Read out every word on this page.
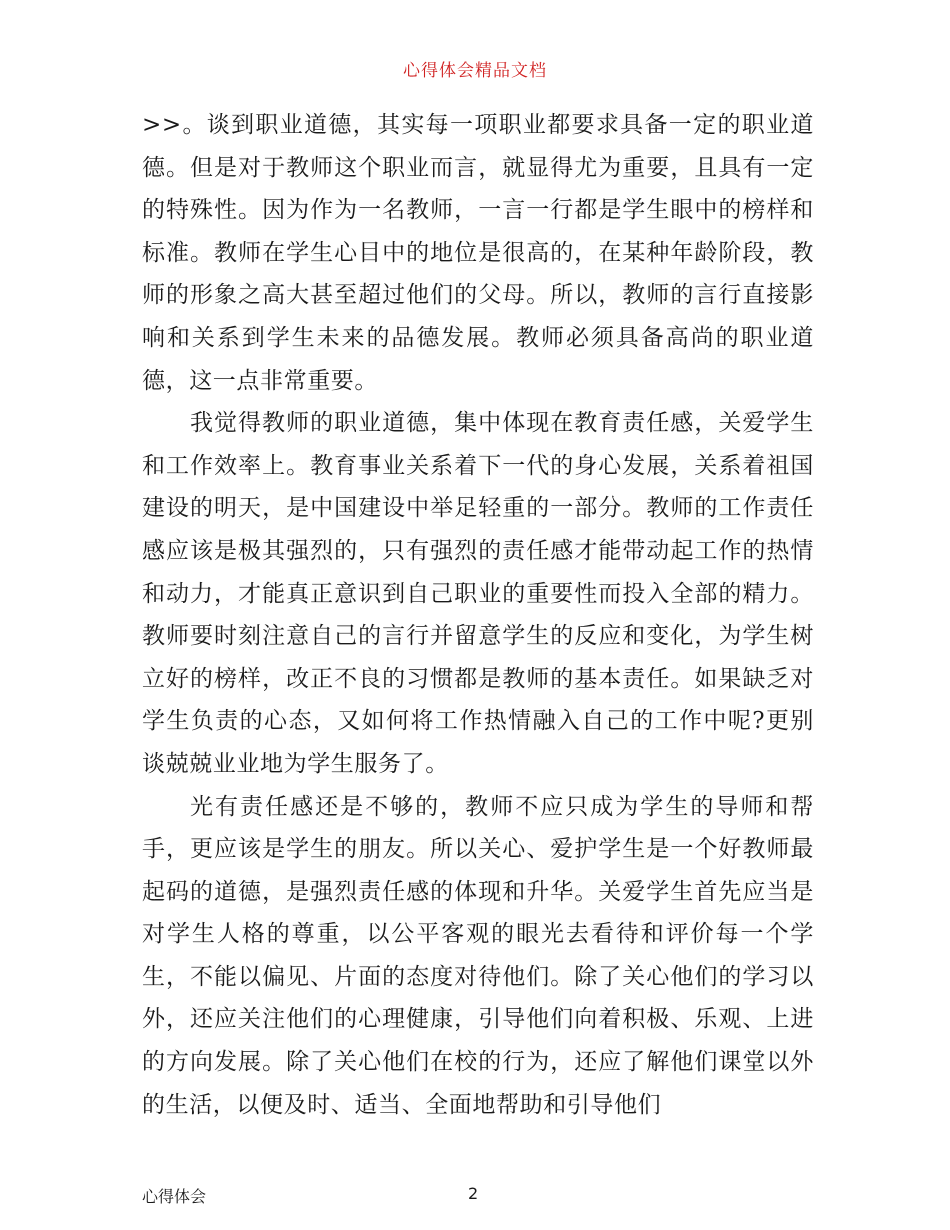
心得体会精品文档

>>。谈到职业道德，其实每一项职业都要求具备一定的职业道德。但是对于教师这个职业而言，就显得尤为重要，且具有一定的特殊性。因为作为一名教师，一言一行都是学生眼中的榜样和标准。教师在学生心目中的地位是很高的，在某种年龄阶段，教师的形象之高大甚至超过他们的父母。所以，教师的言行直接影响和关系到学生未来的品德发展。教师必须具备高尚的职业道德，这一点非常重要。

我觉得教师的职业道德，集中体现在教育责任感，关爱学生和工作效率上。教育事业关系着下一代的身心发展，关系着祖国建设的明天，是中国建设中举足轻重的一部分。教师的工作责任感应该是极其强烈的，只有强烈的责任感才能带动起工作的热情和动力，才能真正意识到自己职业的重要性而投入全部的精力。教师要时刻注意自己的言行并留意学生的反应和变化，为学生树立好的榜样，改正不良的习惯都是教师的基本责任。如果缺乏对学生负责的心态，又如何将工作热情融入自己的工作中呢?更别谈兢兢业业地为学生服务了。

光有责任感还是不够的，教师不应只成为学生的导师和帮手，更应该是学生的朋友。所以关心、爱护学生是一个好教师最起码的道德，是强烈责任感的体现和升华。关爱学生首先应当是对学生人格的尊重，以公平客观的眼光去看待和评价每一个学生，不能以偏见、片面的态度对待他们。除了关心他们的学习以外，还应关注他们的心理健康，引导他们向着积极、乐观、上进的方向发展。除了关心他们在校的行为，还应了解他们课堂以外的生活，以便及时、适当、全面地帮助和引导他们

心得体会	2
